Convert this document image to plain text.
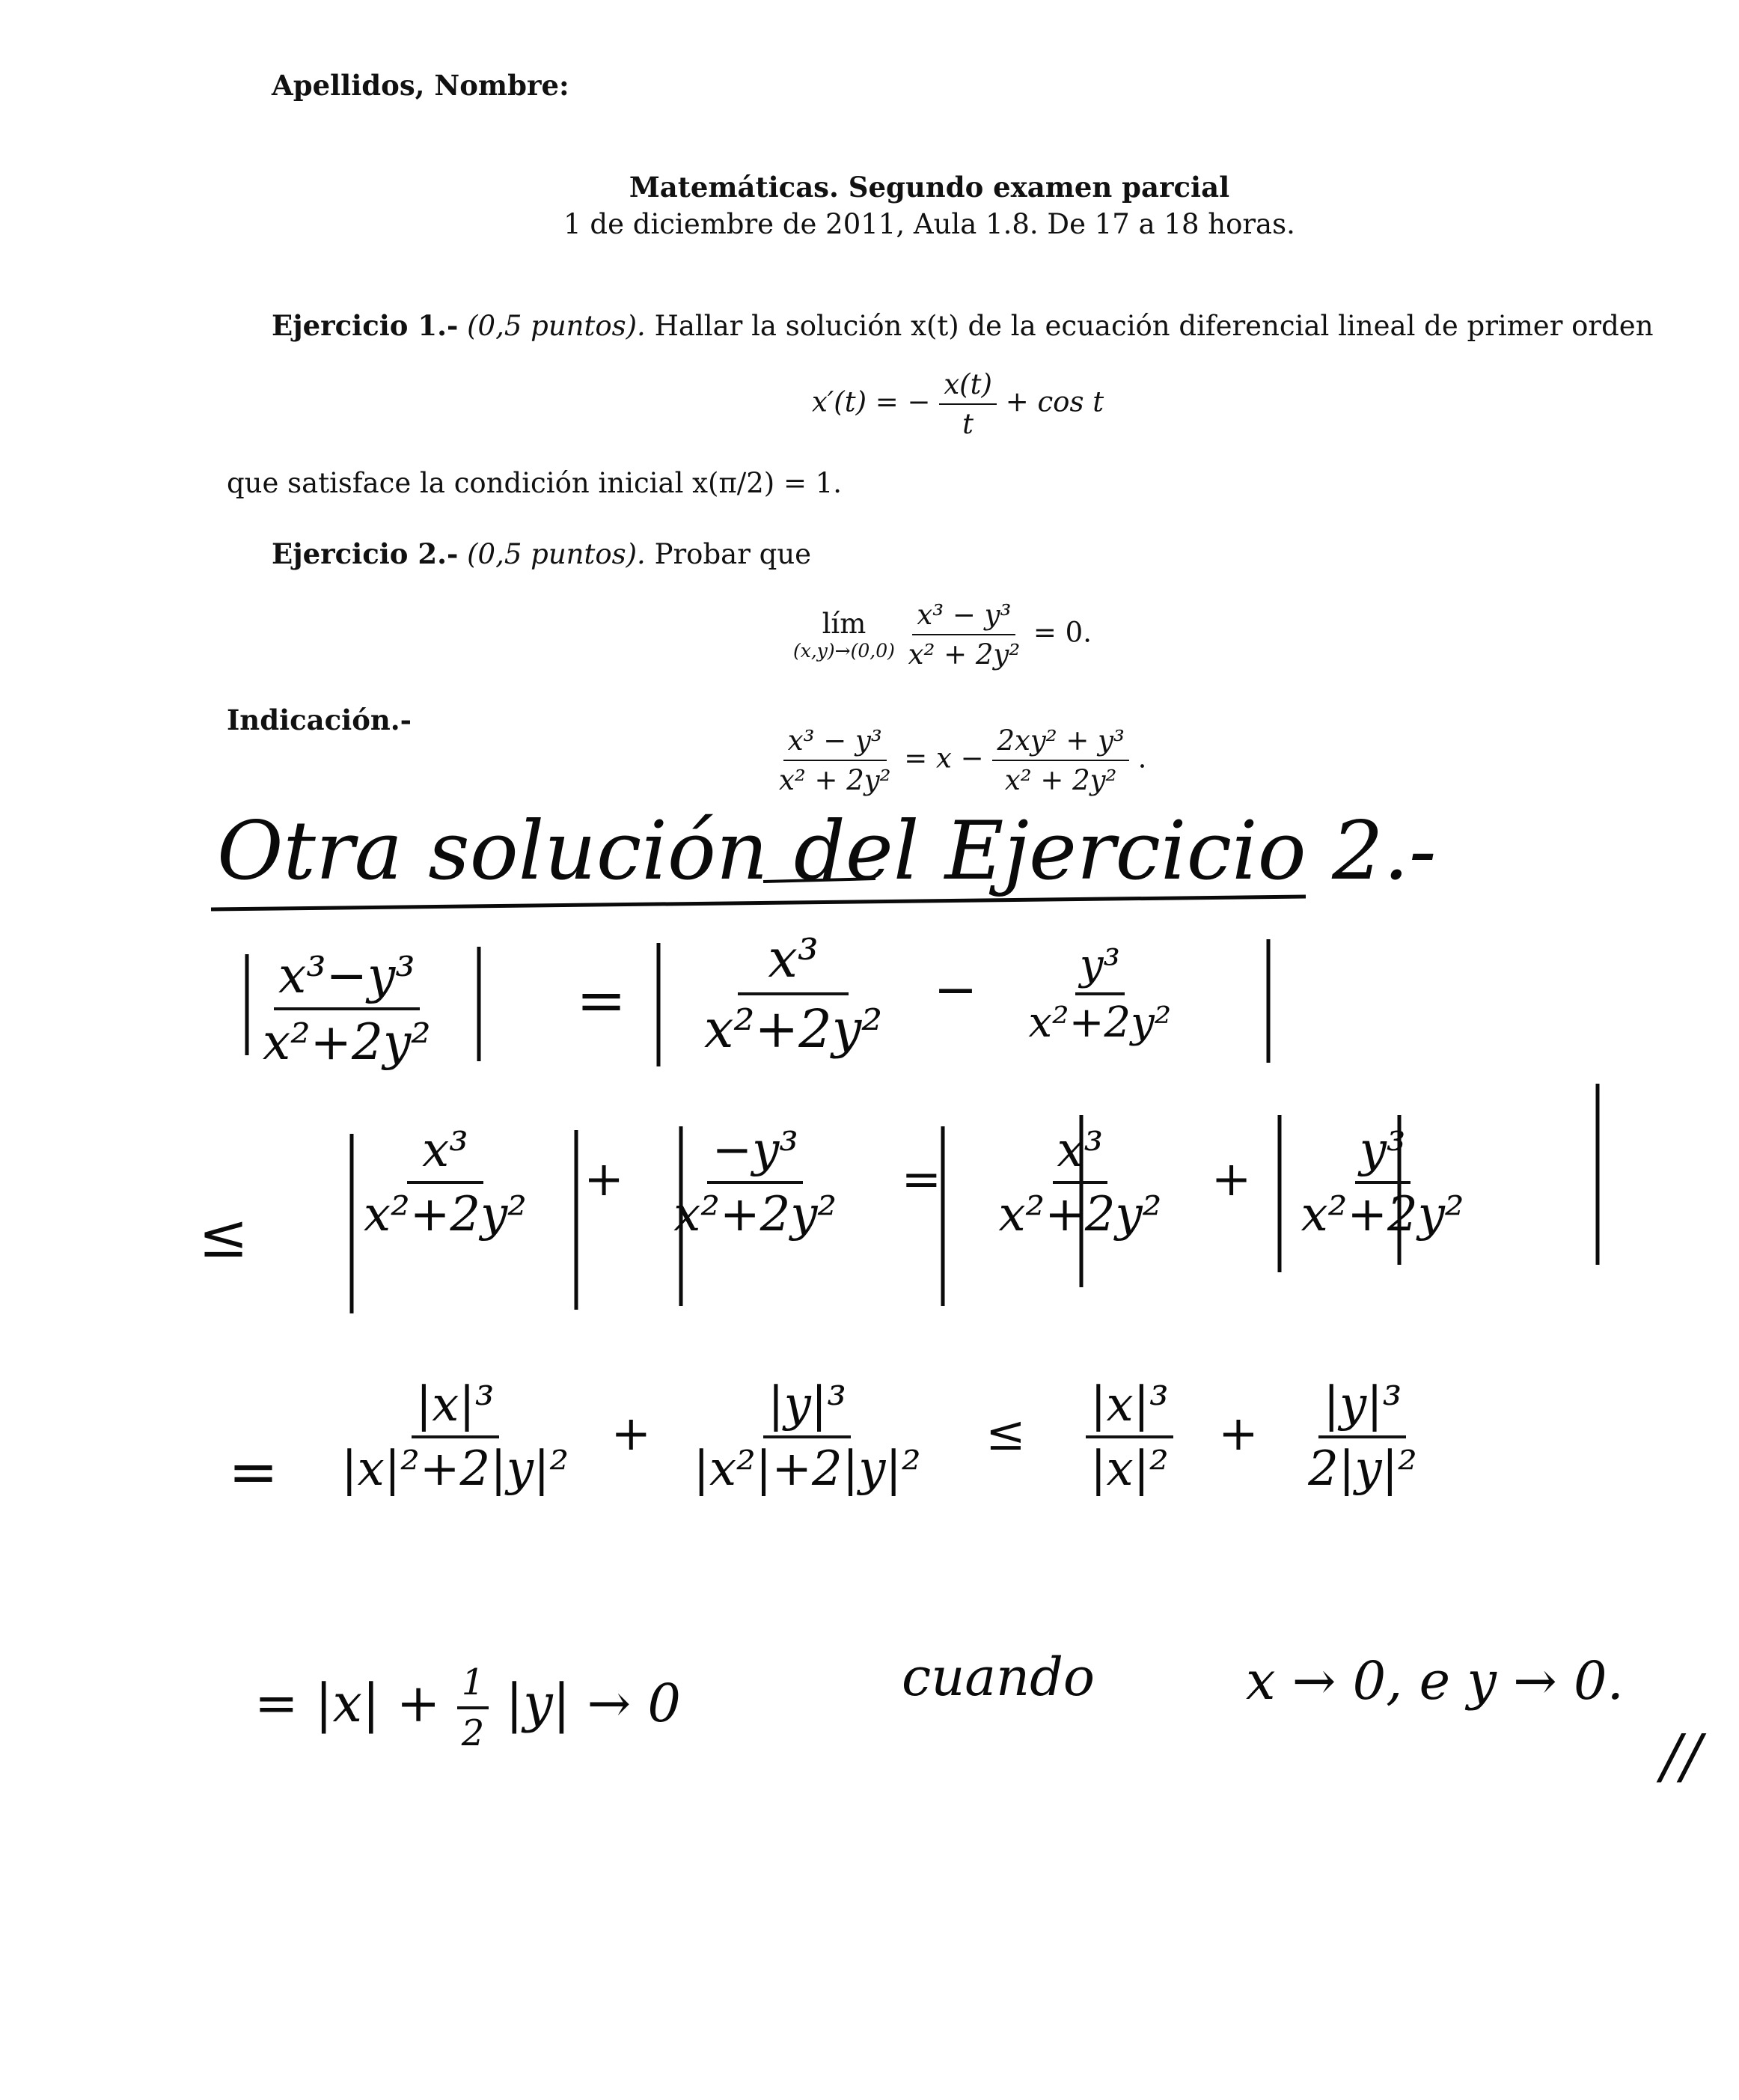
Apellidos, Nombre:
Matemáticas. Segundo examen parcial
1 de diciembre de 2011, Aula 1.8. De 17 a 18 horas.
Ejercicio 1.- (0,5 puntos). Hallar la solución x(t) de la ecuación diferencial lineal de primer orden
x′(t) = − $\frac{x(t)}{t} + \cos t$
que satisface la condición inicial x(π/2) = 1.
Ejercicio 2.- (0,5 puntos). Probar que
lím
(x,y)→(0,0)
$\frac{\text{x³ − y³}}{\text{x² + 2y²}} = 0$.
Indicación.-
$\frac{\text{x³ − y³}}{\text{x² + 2y²}} = x - \frac{\text{2xy² + y³}}{\text{x² + 2y²}}$ .
Otra solución del Ejercicio 2.-
$\frac{\text{x³−y³}}{\text{x²+2y²}} = \frac{\text{x³}}{\text{x²+2y²}} - \frac{\text{y³}}{\text{x²+2y²}}$
≤ $\frac{\text{x³}}{\text{x²+2y²}} + \frac{\text{−y³}}{\text{x²+2y²}} = \frac{\text{x³}}{\text{x²+2y²}} + \frac{\text{y³}}{\text{x²+2y²}}$
= $\frac{\text{|x|³}}{\text{|x|²+2|y|²}} + \frac{\text{|y|³}}{\text{|x²|+2|y|²}} \le \frac{\text{|x|³}}{\text{|x|²}} + \frac{\text{|y|³}}{\text{2|y|²}}$
= $|x| + \frac{1}{2} |y| \to 0$	cuando	x → 0, e y → 0.
//
